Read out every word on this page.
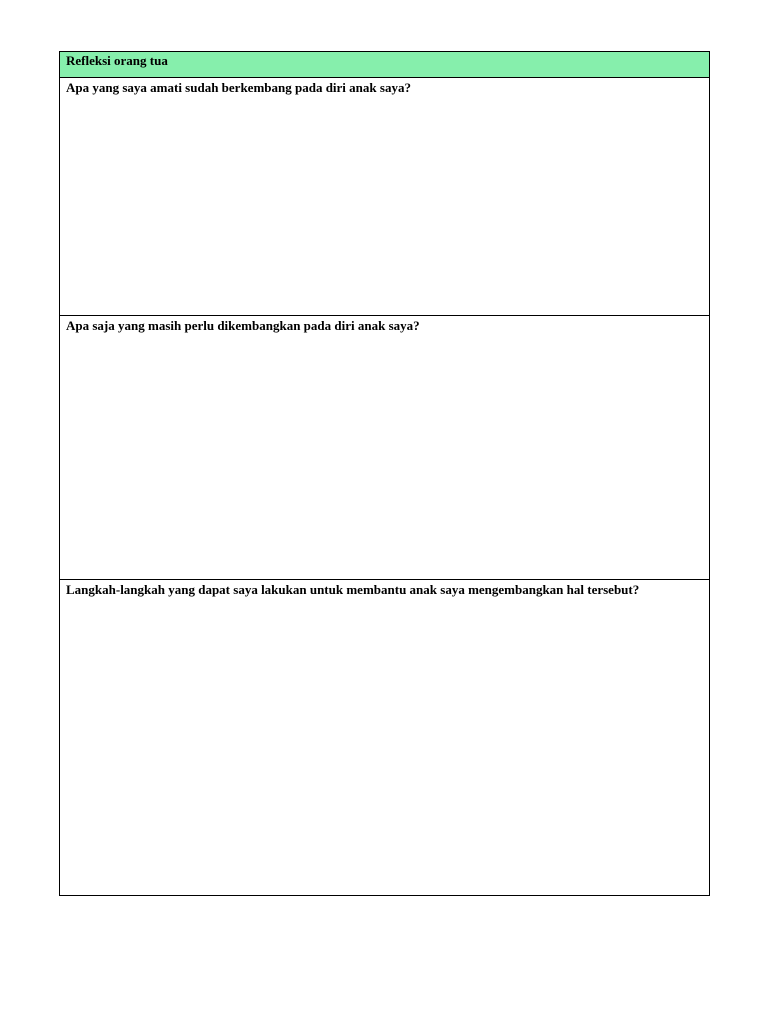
Refleksi orang tua
Apa yang saya amati sudah berkembang pada diri anak saya?
Apa saja yang masih perlu dikembangkan pada diri anak saya?
Langkah-langkah yang dapat saya lakukan untuk membantu anak saya mengembangkan hal tersebut?
